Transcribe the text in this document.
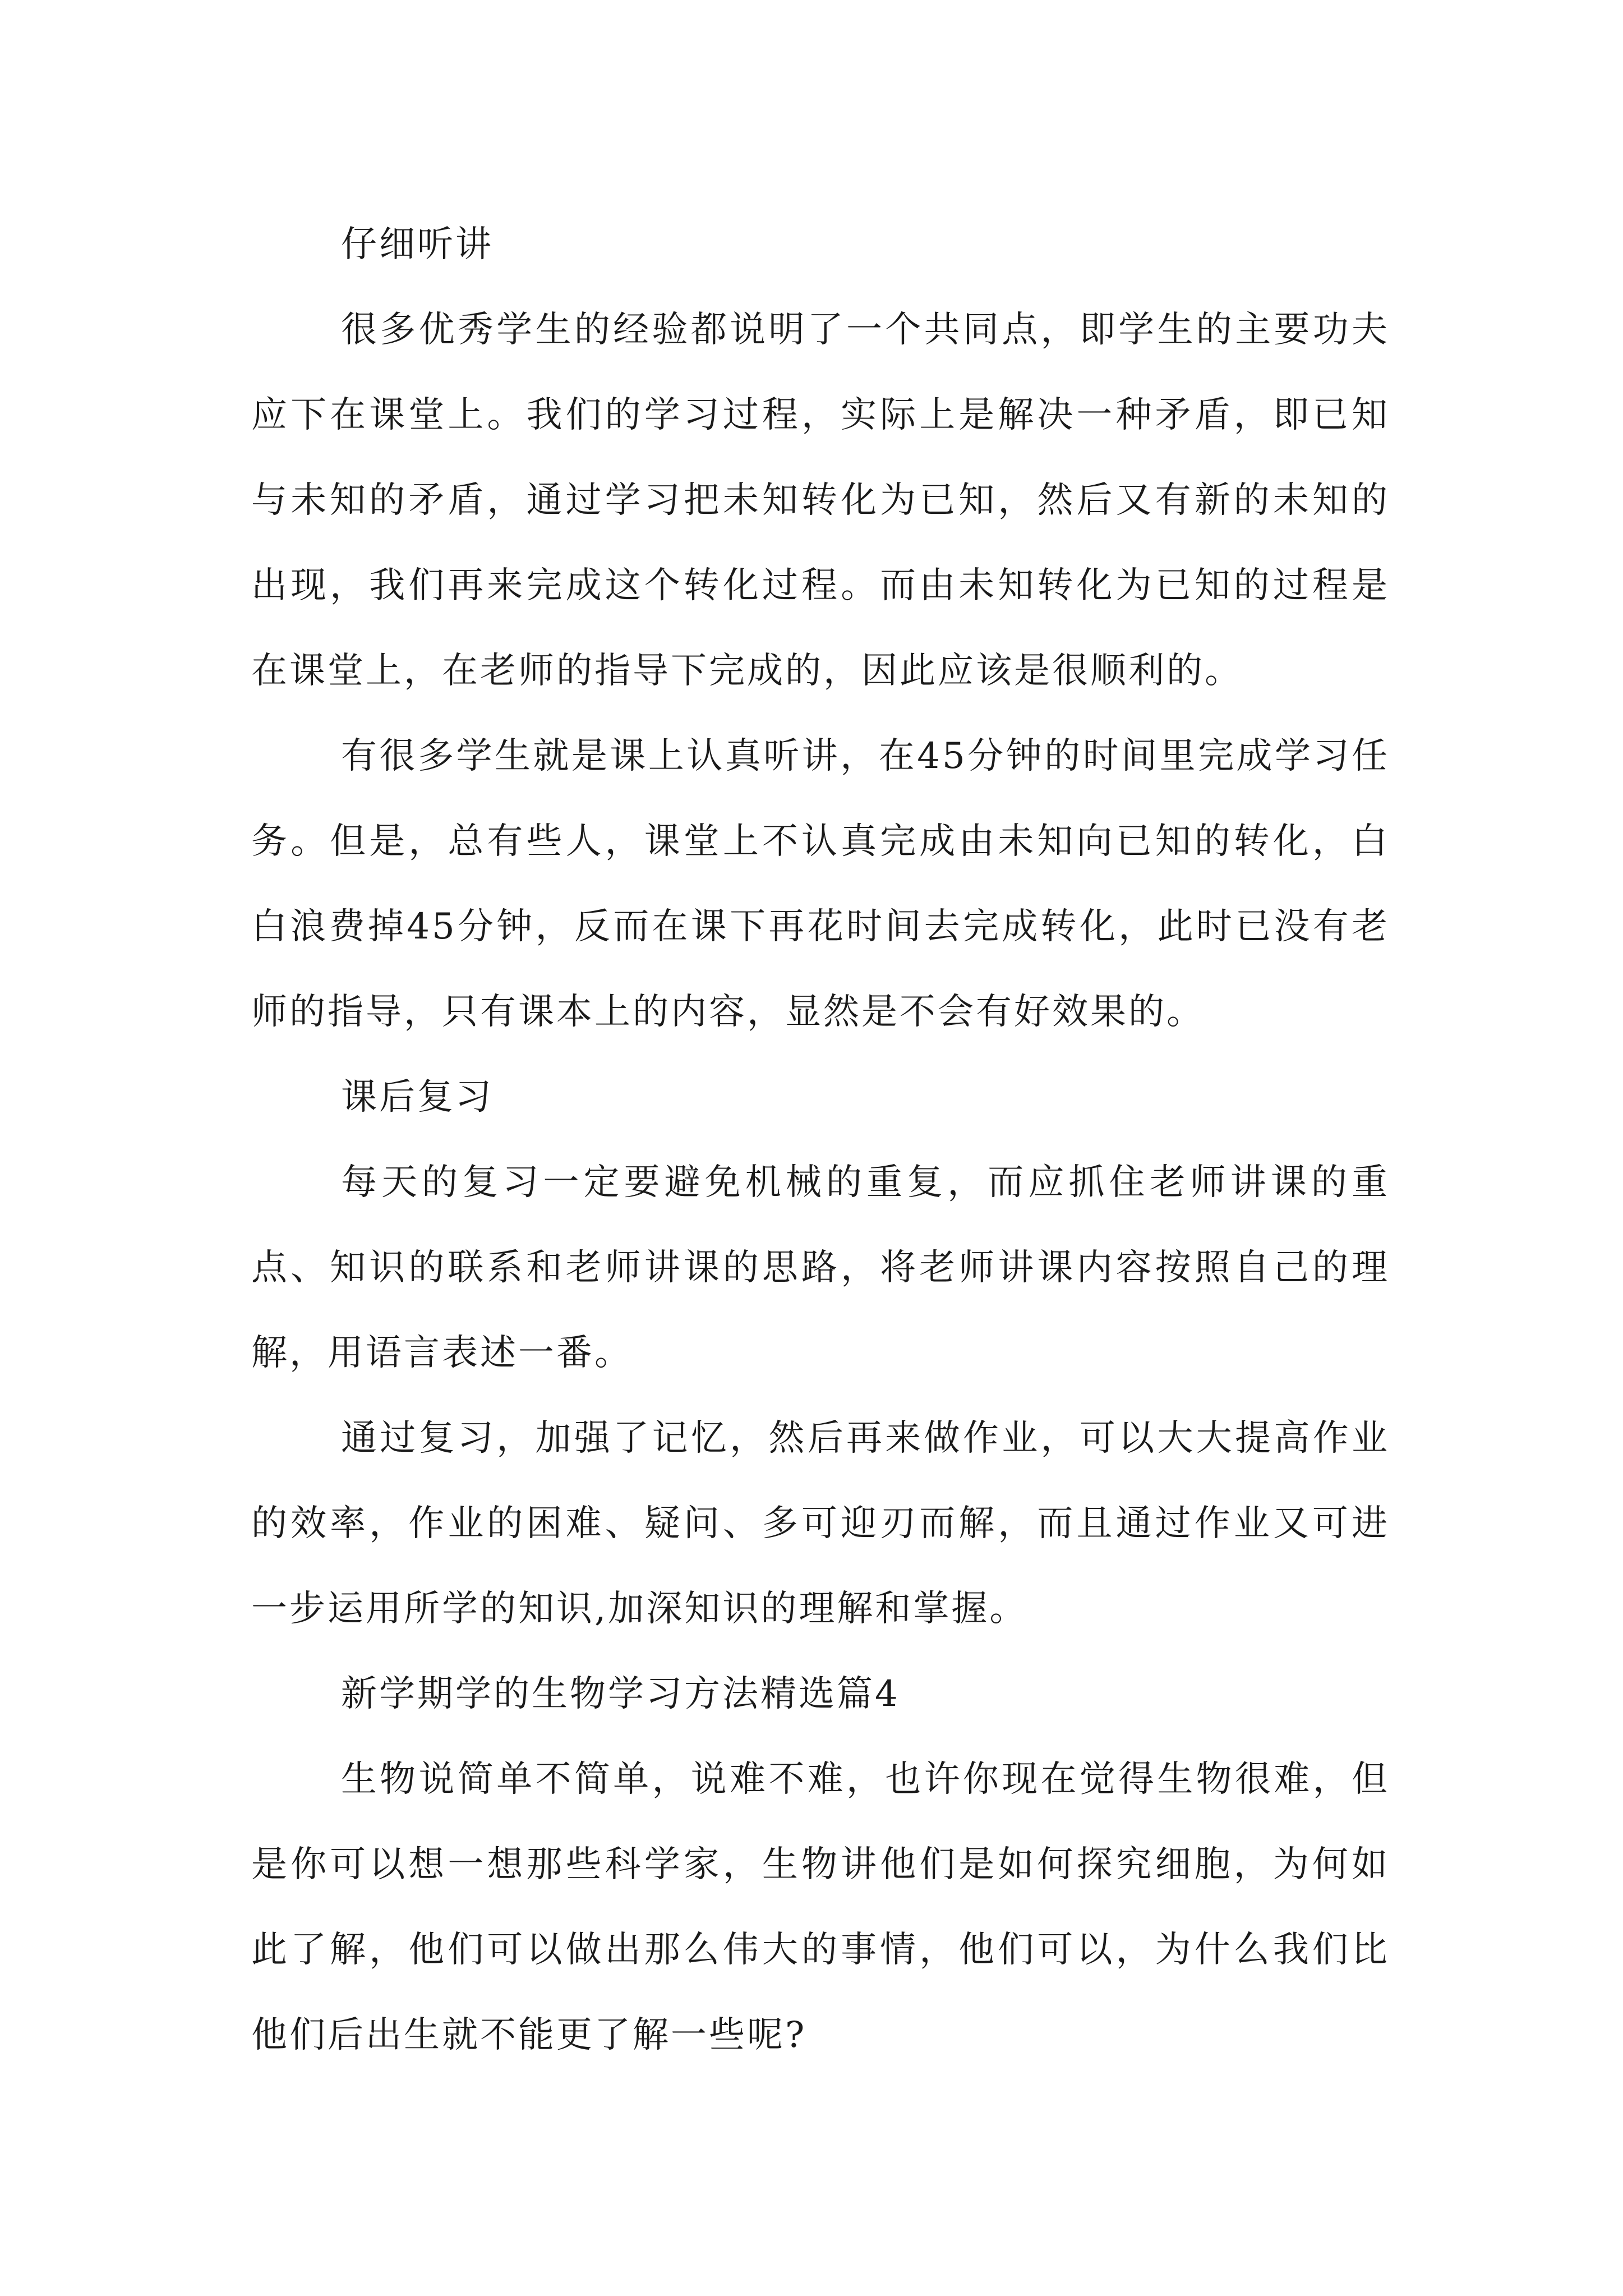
仔细听讲

很多优秀学生的经验都说明了一个共同点，即学生的主要功夫应下在课堂上。我们的学习过程，实际上是解决一种矛盾，即已知与未知的矛盾，通过学习把未知转化为已知，然后又有新的未知的出现，我们再来完成这个转化过程。而由未知转化为已知的过程是在课堂上，在老师的指导下完成的，因此应该是很顺利的。

有很多学生就是课上认真听讲，在45分钟的时间里完成学习任务。但是，总有些人，课堂上不认真完成由未知向已知的转化，白白浪费掉45分钟，反而在课下再花时间去完成转化，此时已没有老师的指导，只有课本上的内容，显然是不会有好效果的。

课后复习

每天的复习一定要避免机械的重复，而应抓住老师讲课的重点、知识的联系和老师讲课的思路，将老师讲课内容按照自己的理解，用语言表述一番。

通过复习，加强了记忆，然后再来做作业，可以大大提高作业的效率，作业的困难、疑问、多可迎刃而解，而且通过作业又可进一步运用所学的知识,加深知识的理解和掌握。

新学期学的生物学习方法精选篇4

生物说简单不简单，说难不难，也许你现在觉得生物很难，但是你可以想一想那些科学家，生物讲他们是如何探究细胞，为何如此了解，他们可以做出那么伟大的事情，他们可以，为什么我们比他们后出生就不能更了解一些呢?
